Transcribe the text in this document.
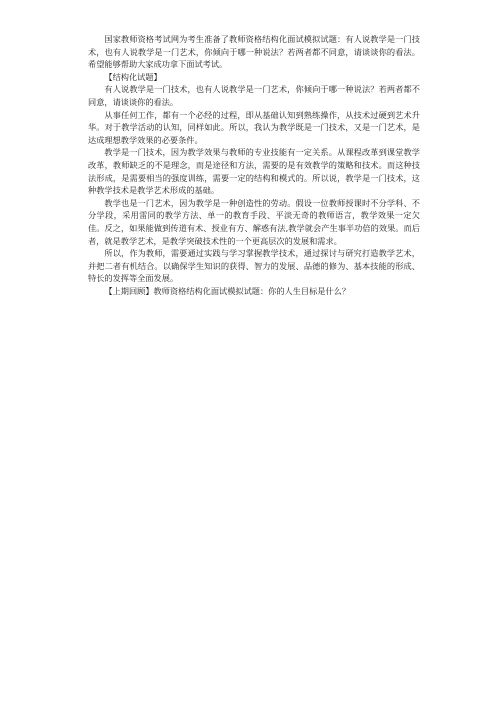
国家教师资格考试网为考生准备了教师资格结构化面试模拟试题：有人说教学是一门技术，也有人说教学是一门艺术，你倾向于哪一种说法？若两者都不同意，请谈谈你的看法。希望能够帮助大家成功拿下面试考试。

【结构化试题】

有人说教学是一门技术，也有人说教学是一门艺术，你倾向于哪一种说法？若两者都不同意，请谈谈你的看法。

从事任何工作，都有一个必经的过程，即从基础认知到熟练操作，从技术过硬到艺术升华。对于教学活动的认知，同样如此。所以，我认为教学既是一门技术，又是一门艺术，是达成理想教学效果的必要条件。

教学是一门技术，因为教学效果与教师的专业技能有一定关系。从课程改革到课堂教学改革，教师缺乏的不是理念，而是途径和方法，需要的是有效教学的策略和技术。而这种技法形成，是需要相当的强度训练，需要一定的结构和模式的。所以说，教学是一门技术，这种教学技术是教学艺术形成的基础。

教学也是一门艺术，因为教学是一种创造性的劳动。假设一位教师授课时不分学科、不分学段，采用雷同的教学方法、单一的教育手段、平淡无奇的教师语言，教学效果一定欠佳。反之，如果能做到传道有术、授业有方、解惑有法,教学就会产生事半功倍的效果。而后者，就是教学艺术，是教学突破技术性的一个更高层次的发展和需求。

所以，作为教师，需要通过实践与学习掌握教学技术，通过探讨与研究打造教学艺术，并把二者有机结合。以确保学生知识的获得、智力的发展、品德的修为、基本技能的形成、特长的发挥等全面发展。

【上期回顾】教师资格结构化面试模拟试题：你的人生目标是什么？
